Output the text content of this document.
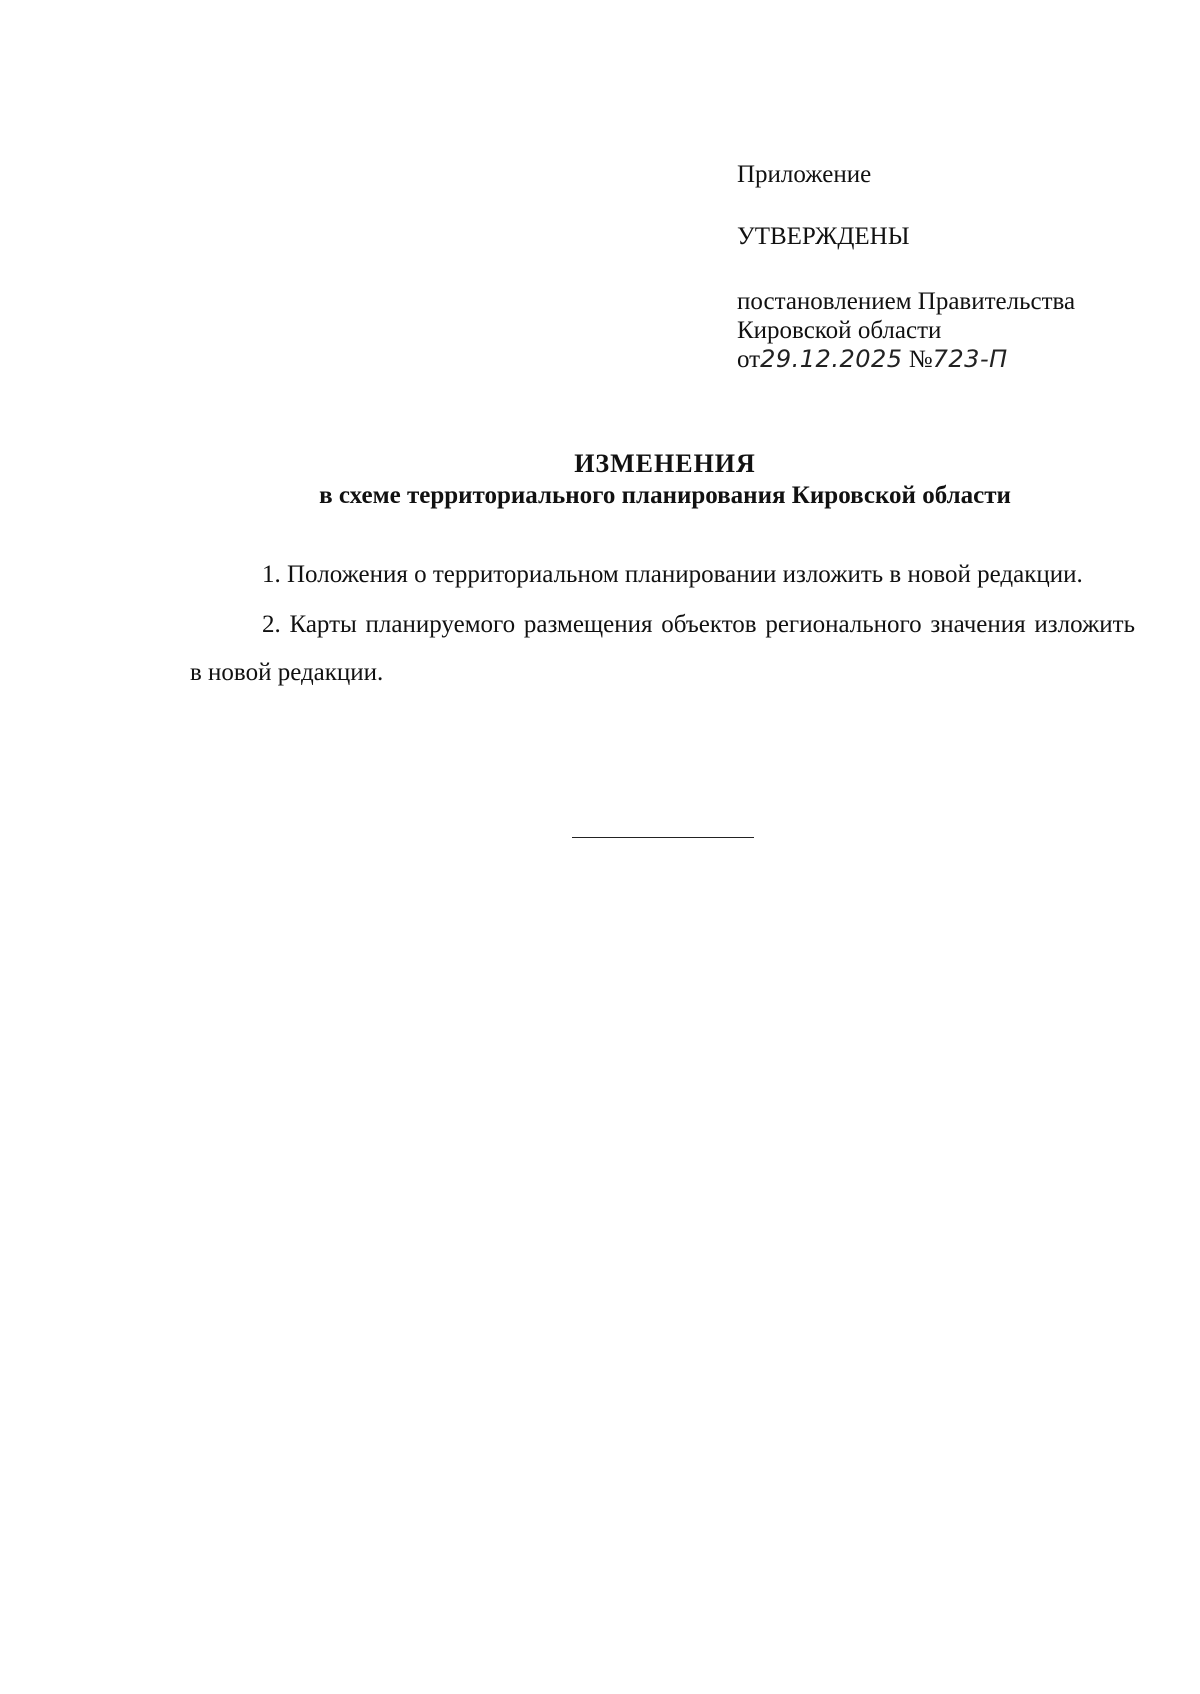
Приложение
УТВЕРЖДЕНЫ
постановлением Правительства
Кировской области
от29.12.2025 №723-П
ИЗМЕНЕНИЯ
в схеме территориального планирования Кировской области

1. Положения о территориальном планировании изложить в новой редакции.

2. Карты планируемого размещения объектов регионального значения изложить в новой редакции.
